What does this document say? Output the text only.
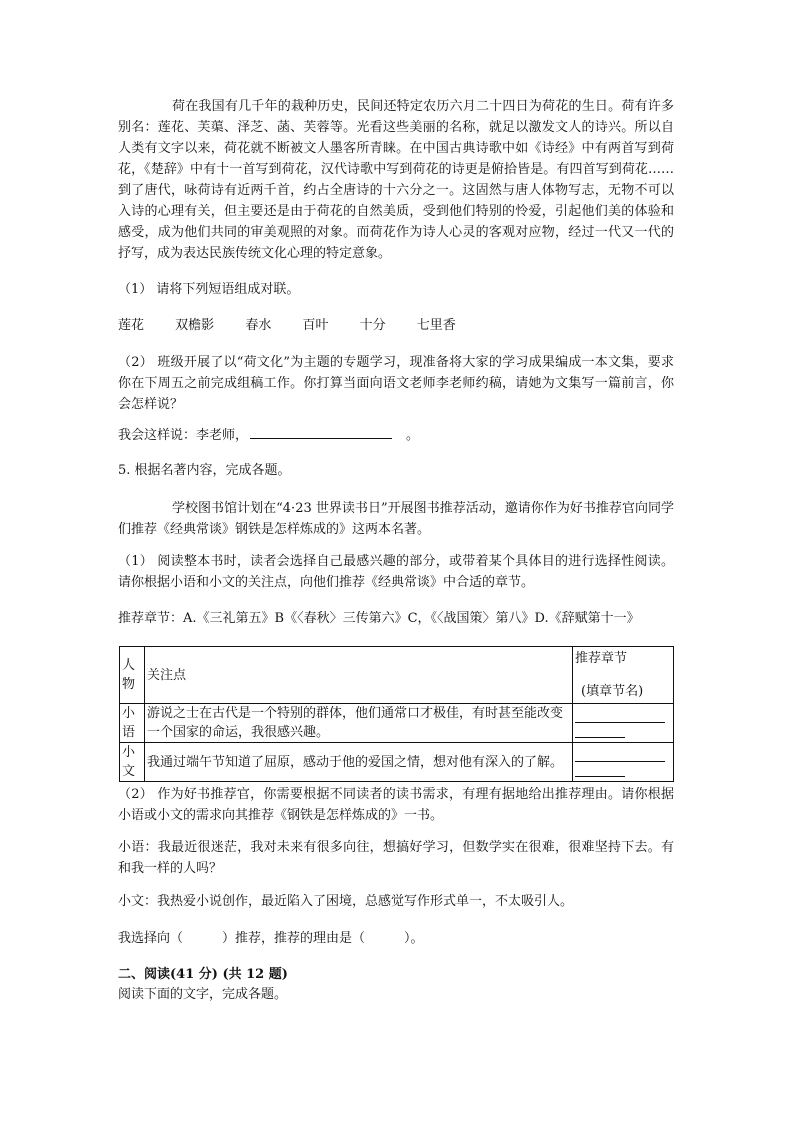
荷在我国有几千年的栽种历史，民间还特定农历六月二十四日为荷花的生日。荷有许多别名：莲花、芙蕖、泽芝、菡、芙蓉等。光看这些美丽的名称，就足以激发文人的诗兴。所以自人类有文字以来，荷花就不断被文人墨客所青睐。在中国古典诗歌中如《诗经》中有两首写到荷花，《楚辞》中有十一首写到荷花，汉代诗歌中写到荷花的诗更是俯拾皆是。有四首写到荷花……到了唐代，咏荷诗有近两千首，约占全唐诗的十六分之一。这固然与唐人体物写志，无物不可以入诗的心理有关，但主要还是由于荷花的自然美质，受到他们特别的怜爱，引起他们美的体验和感受，成为他们共同的审美观照的对象。而荷花作为诗人心灵的客观对应物，经过一代又一代的抒写，成为表达民族传统文化心理的特定意象。

（1） 请将下列短语组成对联。
莲花 双檐影 春水 百叶 十分 七里香

（2） 班级开展了以“荷文化”为主题的专题学习，现准备将大家的学习成果编成一本文集，要求你在下周五之前完成组稿工作。你打算当面向语文老师李老师约稿，请她为文集写一篇前言，你会怎样说？

我会这样说：李老师，	。
5. 根据名著内容，完成各题。

学校图书馆计划在“4·23 世界读书日”开展图书推荐活动，邀请你作为好书推荐官向同学们推荐《经典常谈》钢铁是怎样炼成的》这两本名著。

（1） 阅读整本书时，读者会选择自己最感兴趣的部分，或带着某个具体目的进行选择性阅读。请你根据小语和小文的关注点，向他们推荐《经典常谈》中合适的章节。

推荐章节：A.《三礼第五》B《〈春秋〉三传第六》C，《〈战国策〉第八》D.《辞赋第十一》
人物	关注点	推荐章节
(填章节名)

小语	游说之士在古代是一个特别的群体，他们通常口才极佳，有时甚至能改变一个国家的命运，我很感兴趣。	

小文	我通过端午节知道了屈原，感动于他的爱国之情，想对他有深入的了解。	

（2） 作为好书推荐官，你需要根据不同读者的读书需求，有理有据地给出推荐理由。请你根据小语或小文的需求向其推荐《钢铁是怎样炼成的》一书。

小语：我最近很迷茫，我对未来有很多向往，想搞好学习，但数学实在很难，很难坚持下去。有和我一样的人吗？

小文：我热爱小说创作，最近陷入了困境，总感觉写作形式单一，不太吸引人。
我选择向（　　　）推荐，推荐的理由是（　　　）。
二、阅读(41 分) (共 12 题)
阅读下面的文字，完成各题。
